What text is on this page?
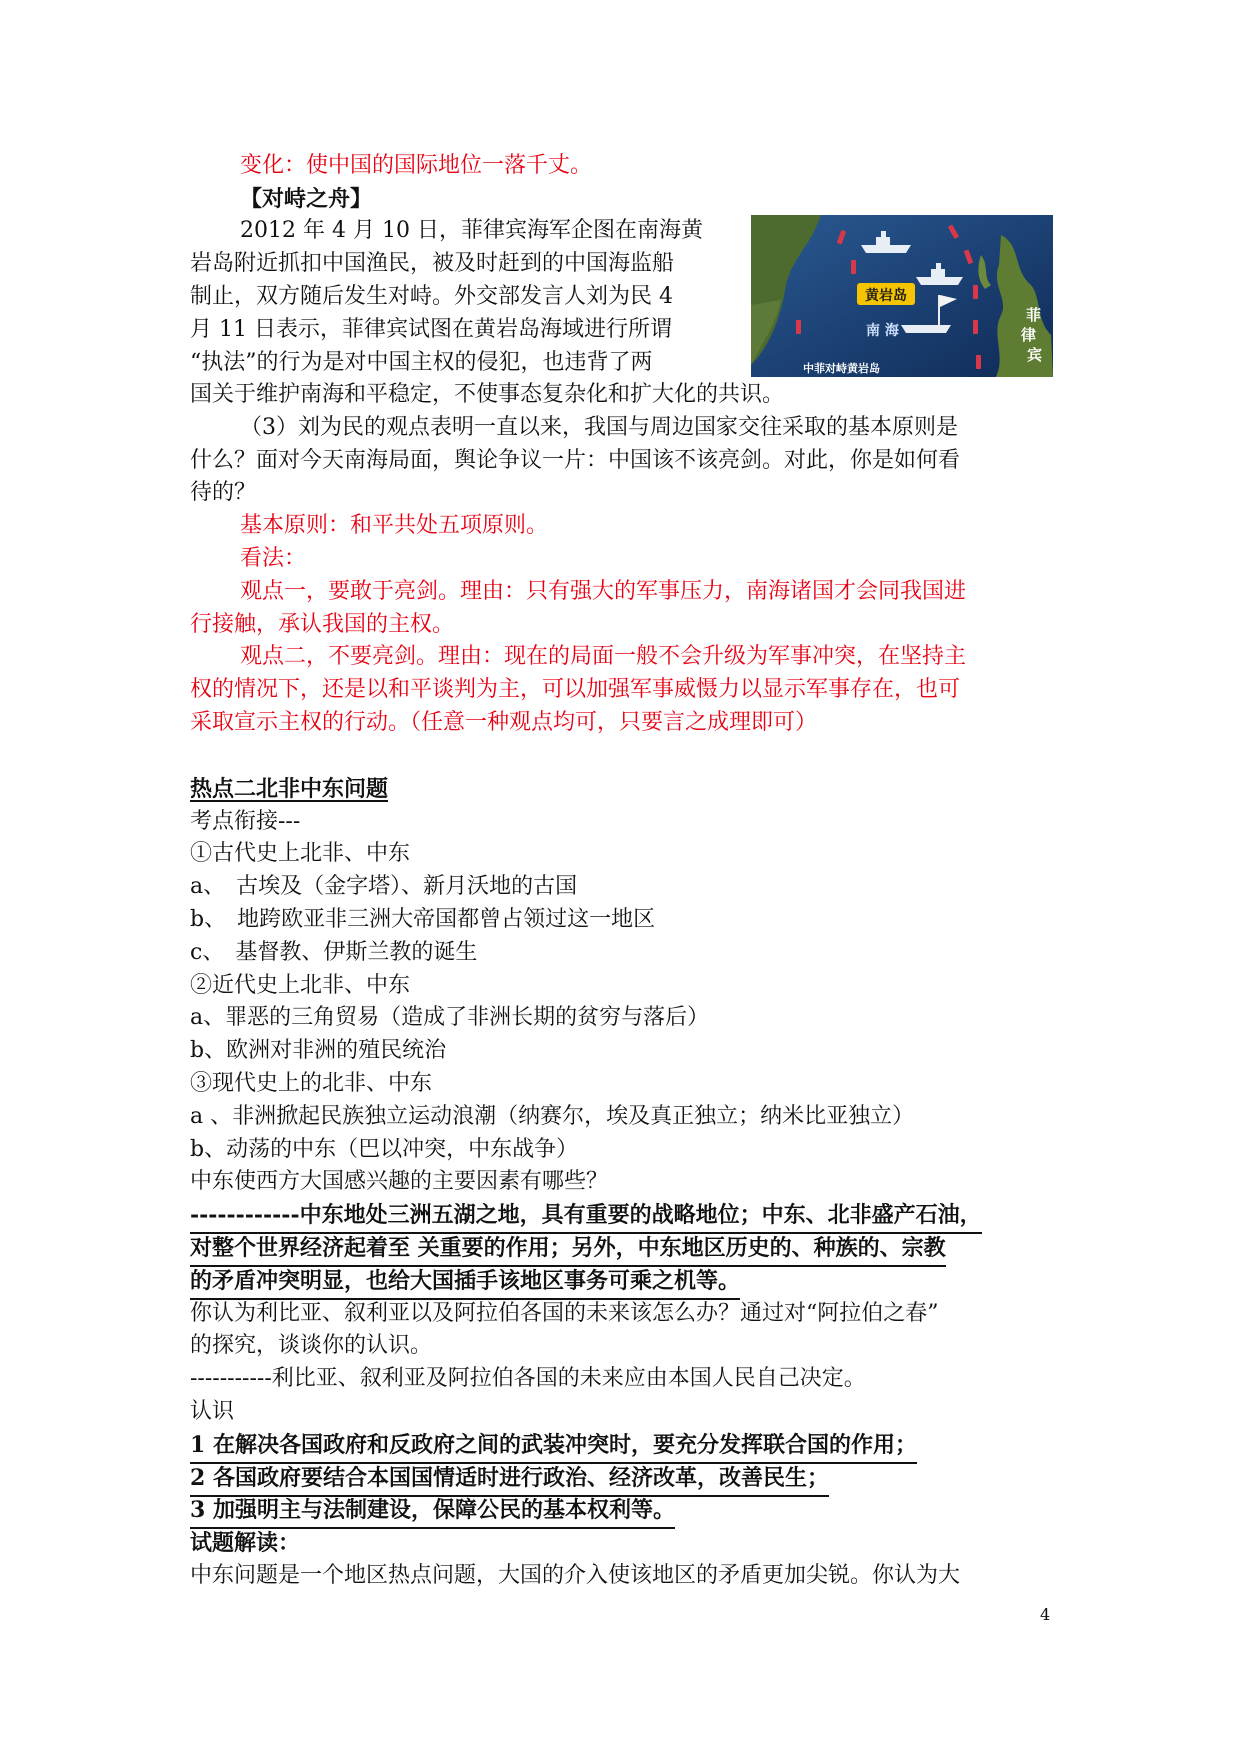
变化：使中国的国际地位一落千丈。
【对峙之舟】
2012 年 4 月 10 日，菲律宾海军企图在南海黄
岩岛附近抓扣中国渔民，被及时赶到的中国海监船
制止，双方随后发生对峙。外交部发言人刘为民 4
月 11 日表示，菲律宾试图在黄岩岛海域进行所谓
“执法”的行为是对中国主权的侵犯，也违背了两
国关于维护南海和平稳定，不使事态复杂化和扩大化的共识。
黄岩岛
南 海
菲
律
宾
中菲对峙黄岩岛
（3）刘为民的观点表明一直以来，我国与周边国家交往采取的基本原则是
什么？面对今天南海局面，舆论争议一片：中国该不该亮剑。对此，你是如何看
待的？
基本原则：和平共处五项原则。
看法：
观点一，要敢于亮剑。理由：只有强大的军事压力，南海诸国才会同我国进
行接触，承认我国的主权。
观点二，不要亮剑。理由：现在的局面一般不会升级为军事冲突，在坚持主
权的情况下，还是以和平谈判为主，可以加强军事威慑力以显示军事存在，也可
采取宣示主权的行动。（任意一种观点均可，只要言之成理即可）
热点二北非中东问题
考点衔接---
①古代史上北非、中东
a、　古埃及（金字塔）、新月沃地的古国
b、　地跨欧亚非三洲大帝国都曾占领过这一地区
c、　基督教、伊斯兰教的诞生
②近代史上北非、中东
a、罪恶的三角贸易（造成了非洲长期的贫穷与落后）
b、欧洲对非洲的殖民统治
③现代史上的北非、中东
a 、非洲掀起民族独立运动浪潮（纳赛尔，埃及真正独立；纳米比亚独立）
b、动荡的中东（巴以冲突，中东战争）
中东使西方大国感兴趣的主要因素有哪些？
------------中东地处三洲五湖之地，具有重要的战略地位；中东、北非盛产石油，
对整个世界经济起着至 关重要的作用；另外，中东地区历史的、种族的、宗教
的矛盾冲突明显，也给大国插手该地区事务可乘之机等。
你认为利比亚、叙利亚以及阿拉伯各国的未来该怎么办？通过对“阿拉伯之春”
的探究，谈谈你的认识。
-----------利比亚、叙利亚及阿拉伯各国的未来应由本国人民自己决定。
认识
1 在解决各国政府和反政府之间的武装冲突时，要充分发挥联合国的作用；
2 各国政府要结合本国国情适时进行政治、经济改革，改善民生；
3 加强明主与法制建设，保障公民的基本权利等。
试题解读：
中东问题是一个地区热点问题，大国的介入使该地区的矛盾更加尖锐。你认为大
4
